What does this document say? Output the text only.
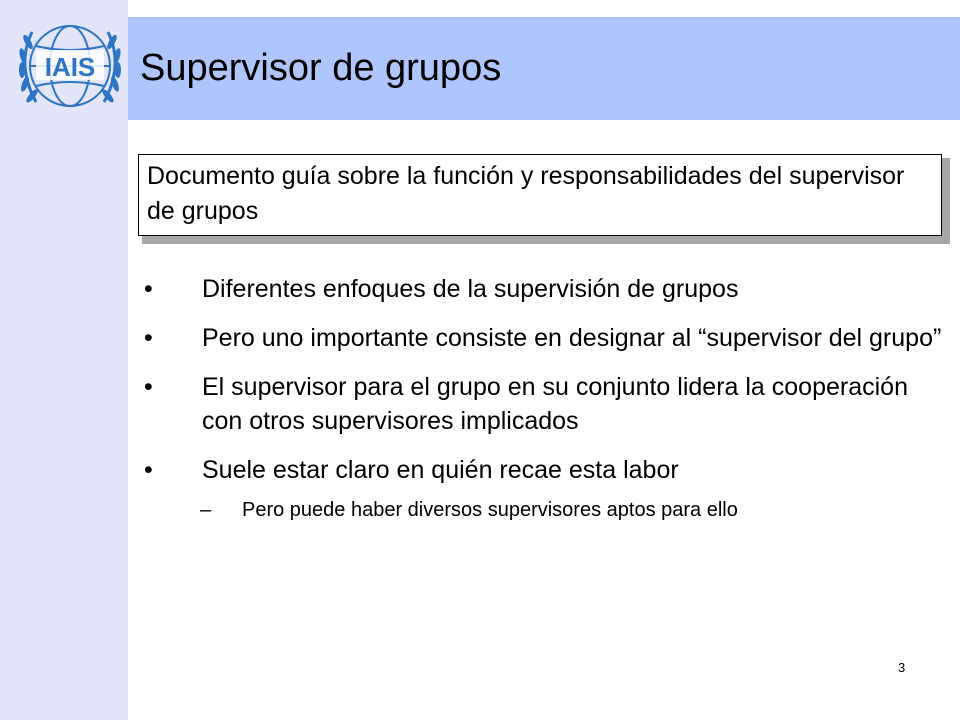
IAIS Supervisor de grupos
Documento guía sobre la función y responsabilidades del supervisor de grupos
• Diferentes enfoques de la supervisión de grupos
• Pero uno importante consiste en designar al “supervisor del grupo”
• El supervisor para el grupo en su conjunto lidera la cooperación con otros supervisores implicados
• Suele estar claro en quién recae esta labor
– Pero puede haber diversos supervisores aptos para ello
3
